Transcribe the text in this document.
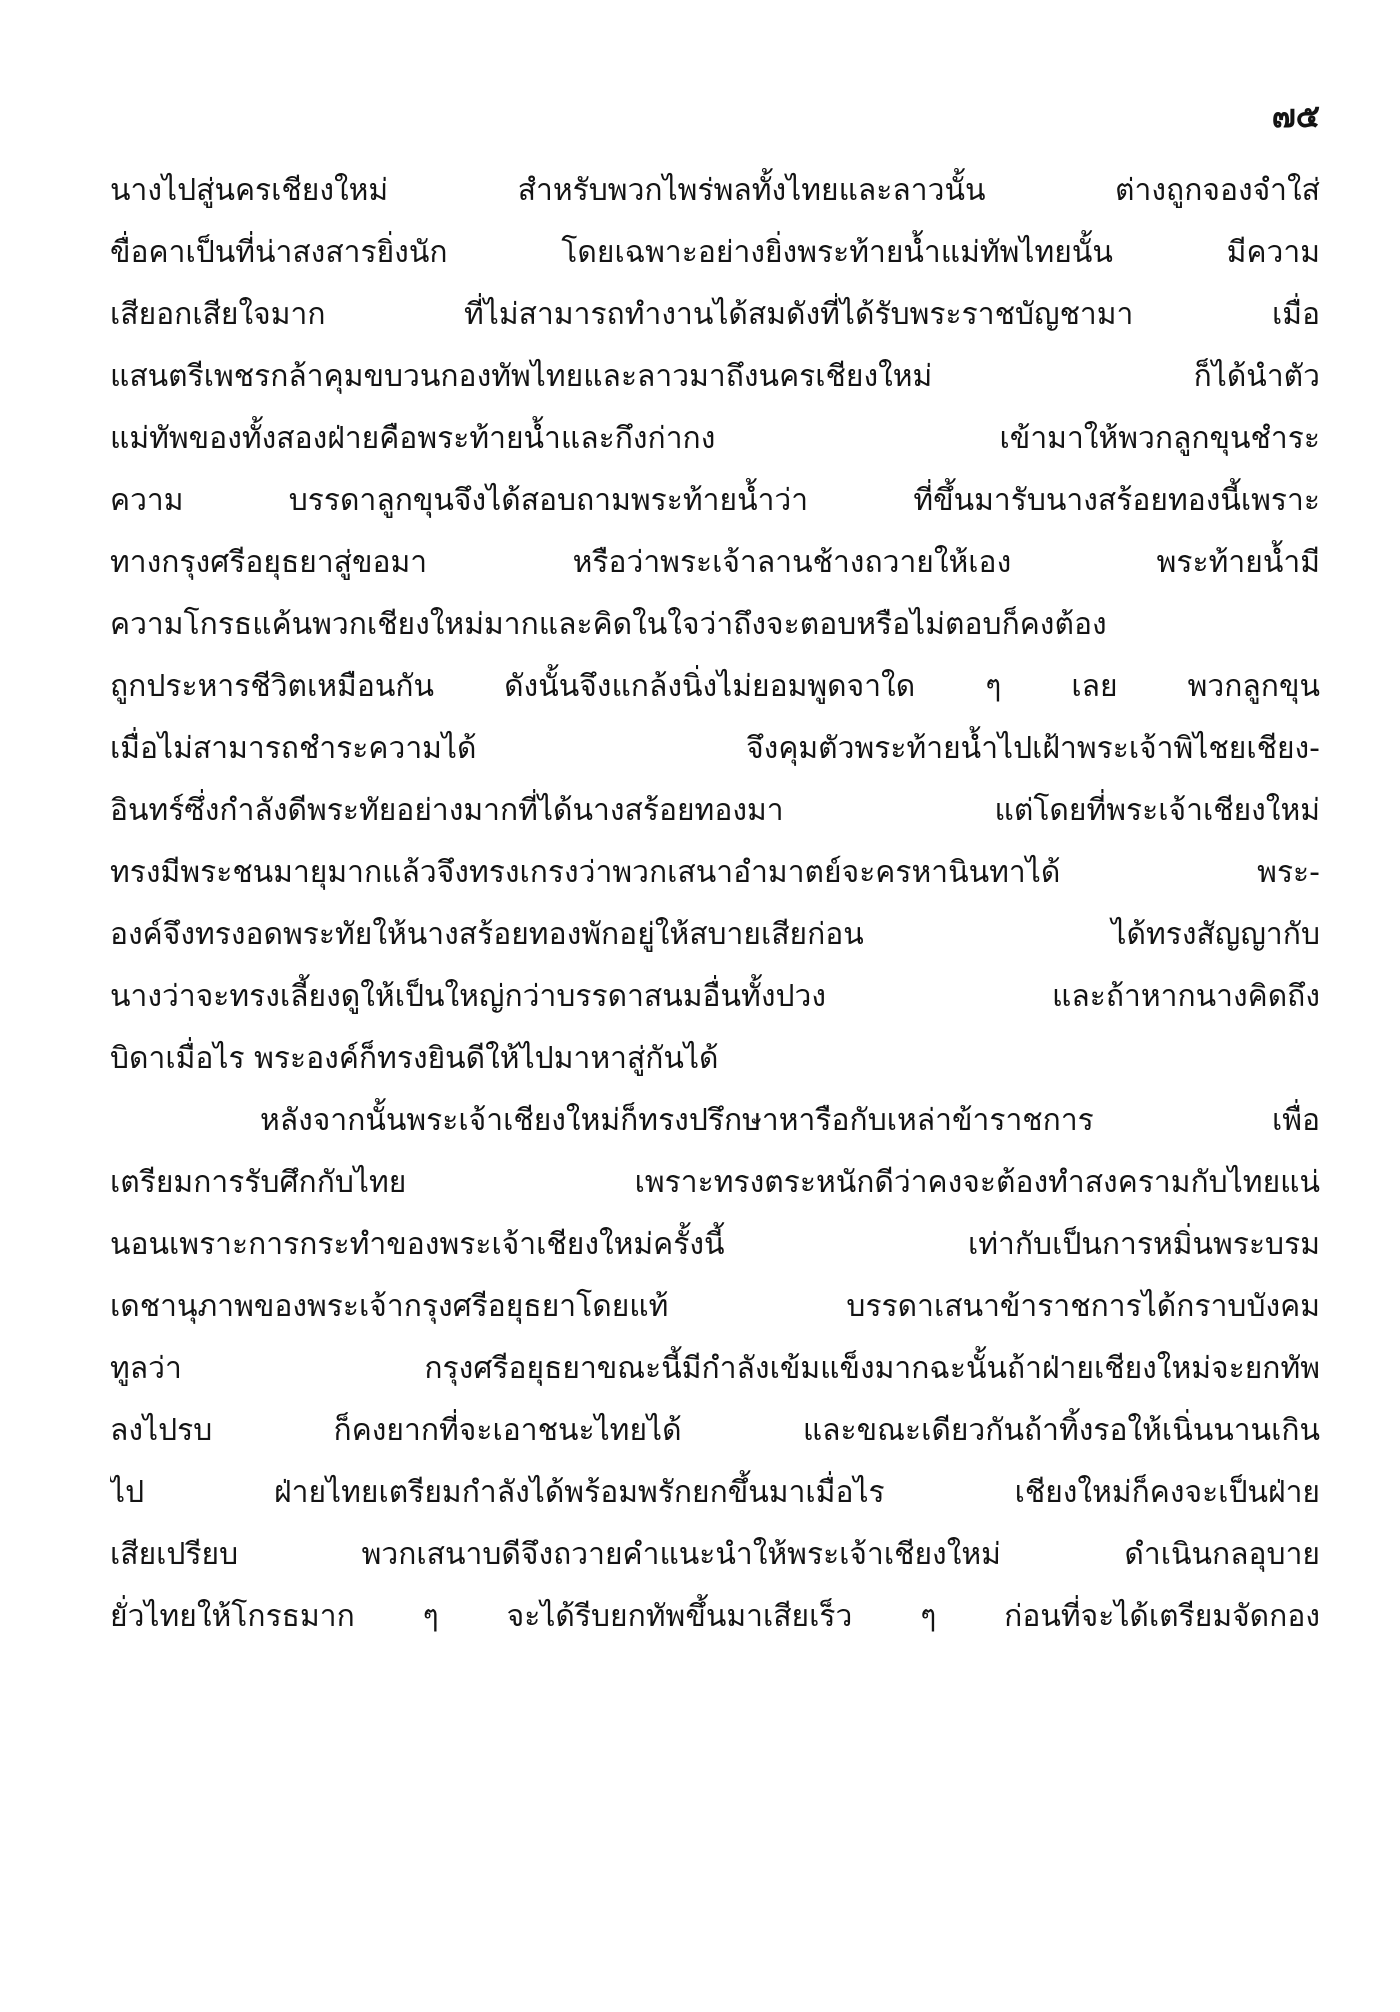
๗๕
นางไปสู่นครเชียงใหม่ สำหรับพวกไพร่พลทั้งไทยและลาวนั้น ต่างถูกจองจำใส่
ขื่อคาเป็นที่น่าสงสารยิ่งนัก โดยเฉพาะอย่างยิ่งพระท้ายน้ำแม่ทัพไทยนั้น มีความ
เสียอกเสียใจมาก ที่ไม่สามารถทำงานได้สมดังที่ได้รับพระราชบัญชามา เมื่อ
แสนตรีเพชรกล้าคุมขบวนกองทัพไทยและลาวมาถึงนครเชียงใหม่ ก็ได้นำตัว
แม่ทัพของทั้งสองฝ่ายคือพระท้ายน้ำและกึงก่ากง เข้ามาให้พวกลูกขุนชำระ
ความ บรรดาลูกขุนจึงได้สอบถามพระท้ายน้ำว่า ที่ขึ้นมารับนางสร้อยทองนี้เพราะ
ทางกรุงศรีอยุธยาสู่ขอมา หรือว่าพระเจ้าลานช้างถวายให้เอง พระท้ายน้ำมี
ความโกรธแค้นพวกเชียงใหม่มากและคิดในใจว่าถึงจะตอบหรือไม่ตอบก็คงต้อง
ถูกประหารชีวิตเหมือนกัน ดังนั้นจึงแกล้งนิ่งไม่ยอมพูดจาใด ๆ เลย พวกลูกขุน
เมื่อไม่สามารถชำระความได้ จึงคุมตัวพระท้ายน้ำไปเฝ้าพระเจ้าพิไชยเชียง-
อินทร์ซึ่งกำลังดีพระทัยอย่างมากที่ได้นางสร้อยทองมา แต่โดยที่พระเจ้าเชียงใหม่
ทรงมีพระชนมายุมากแล้วจึงทรงเกรงว่าพวกเสนาอำมาตย์จะครหานินทาได้ พระ-
องค์จึงทรงอดพระทัยให้นางสร้อยทองพักอยู่ให้สบายเสียก่อน ได้ทรงสัญญากับ
นางว่าจะทรงเลี้ยงดูให้เป็นใหญ่กว่าบรรดาสนมอื่นทั้งปวง และถ้าหากนางคิดถึง
บิดาเมื่อไร พระองค์ก็ทรงยินดีให้ไปมาหาสู่กันได้
หลังจากนั้นพระเจ้าเชียงใหม่ก็ทรงปรึกษาหารือกับเหล่าข้าราชการ เพื่อ
เตรียมการรับศึกกับไทย เพราะทรงตระหนักดีว่าคงจะต้องทำสงครามกับไทยแน่
นอนเพราะการกระทำของพระเจ้าเชียงใหม่ครั้งนี้ เท่ากับเป็นการหมิ่นพระบรม
เดชานุภาพของพระเจ้ากรุงศรีอยุธยาโดยแท้ บรรดาเสนาข้าราชการได้กราบบังคม
ทูลว่า กรุงศรีอยุธยาขณะนี้มีกำลังเข้มแข็งมากฉะนั้นถ้าฝ่ายเชียงใหม่จะยกทัพ
ลงไปรบ ก็คงยากที่จะเอาชนะไทยได้ และขณะเดียวกันถ้าทิ้งรอให้เนิ่นนานเกิน
ไป ฝ่ายไทยเตรียมกำลังได้พร้อมพรักยกขึ้นมาเมื่อไร เชียงใหม่ก็คงจะเป็นฝ่าย
เสียเปรียบ พวกเสนาบดีจึงถวายคำแนะนำให้พระเจ้าเชียงใหม่ ดำเนินกลอุบาย
ยั่วไทยให้โกรธมาก ๆ จะได้รีบยกทัพขึ้นมาเสียเร็ว ๆ ก่อนที่จะได้เตรียมจัดกอง
